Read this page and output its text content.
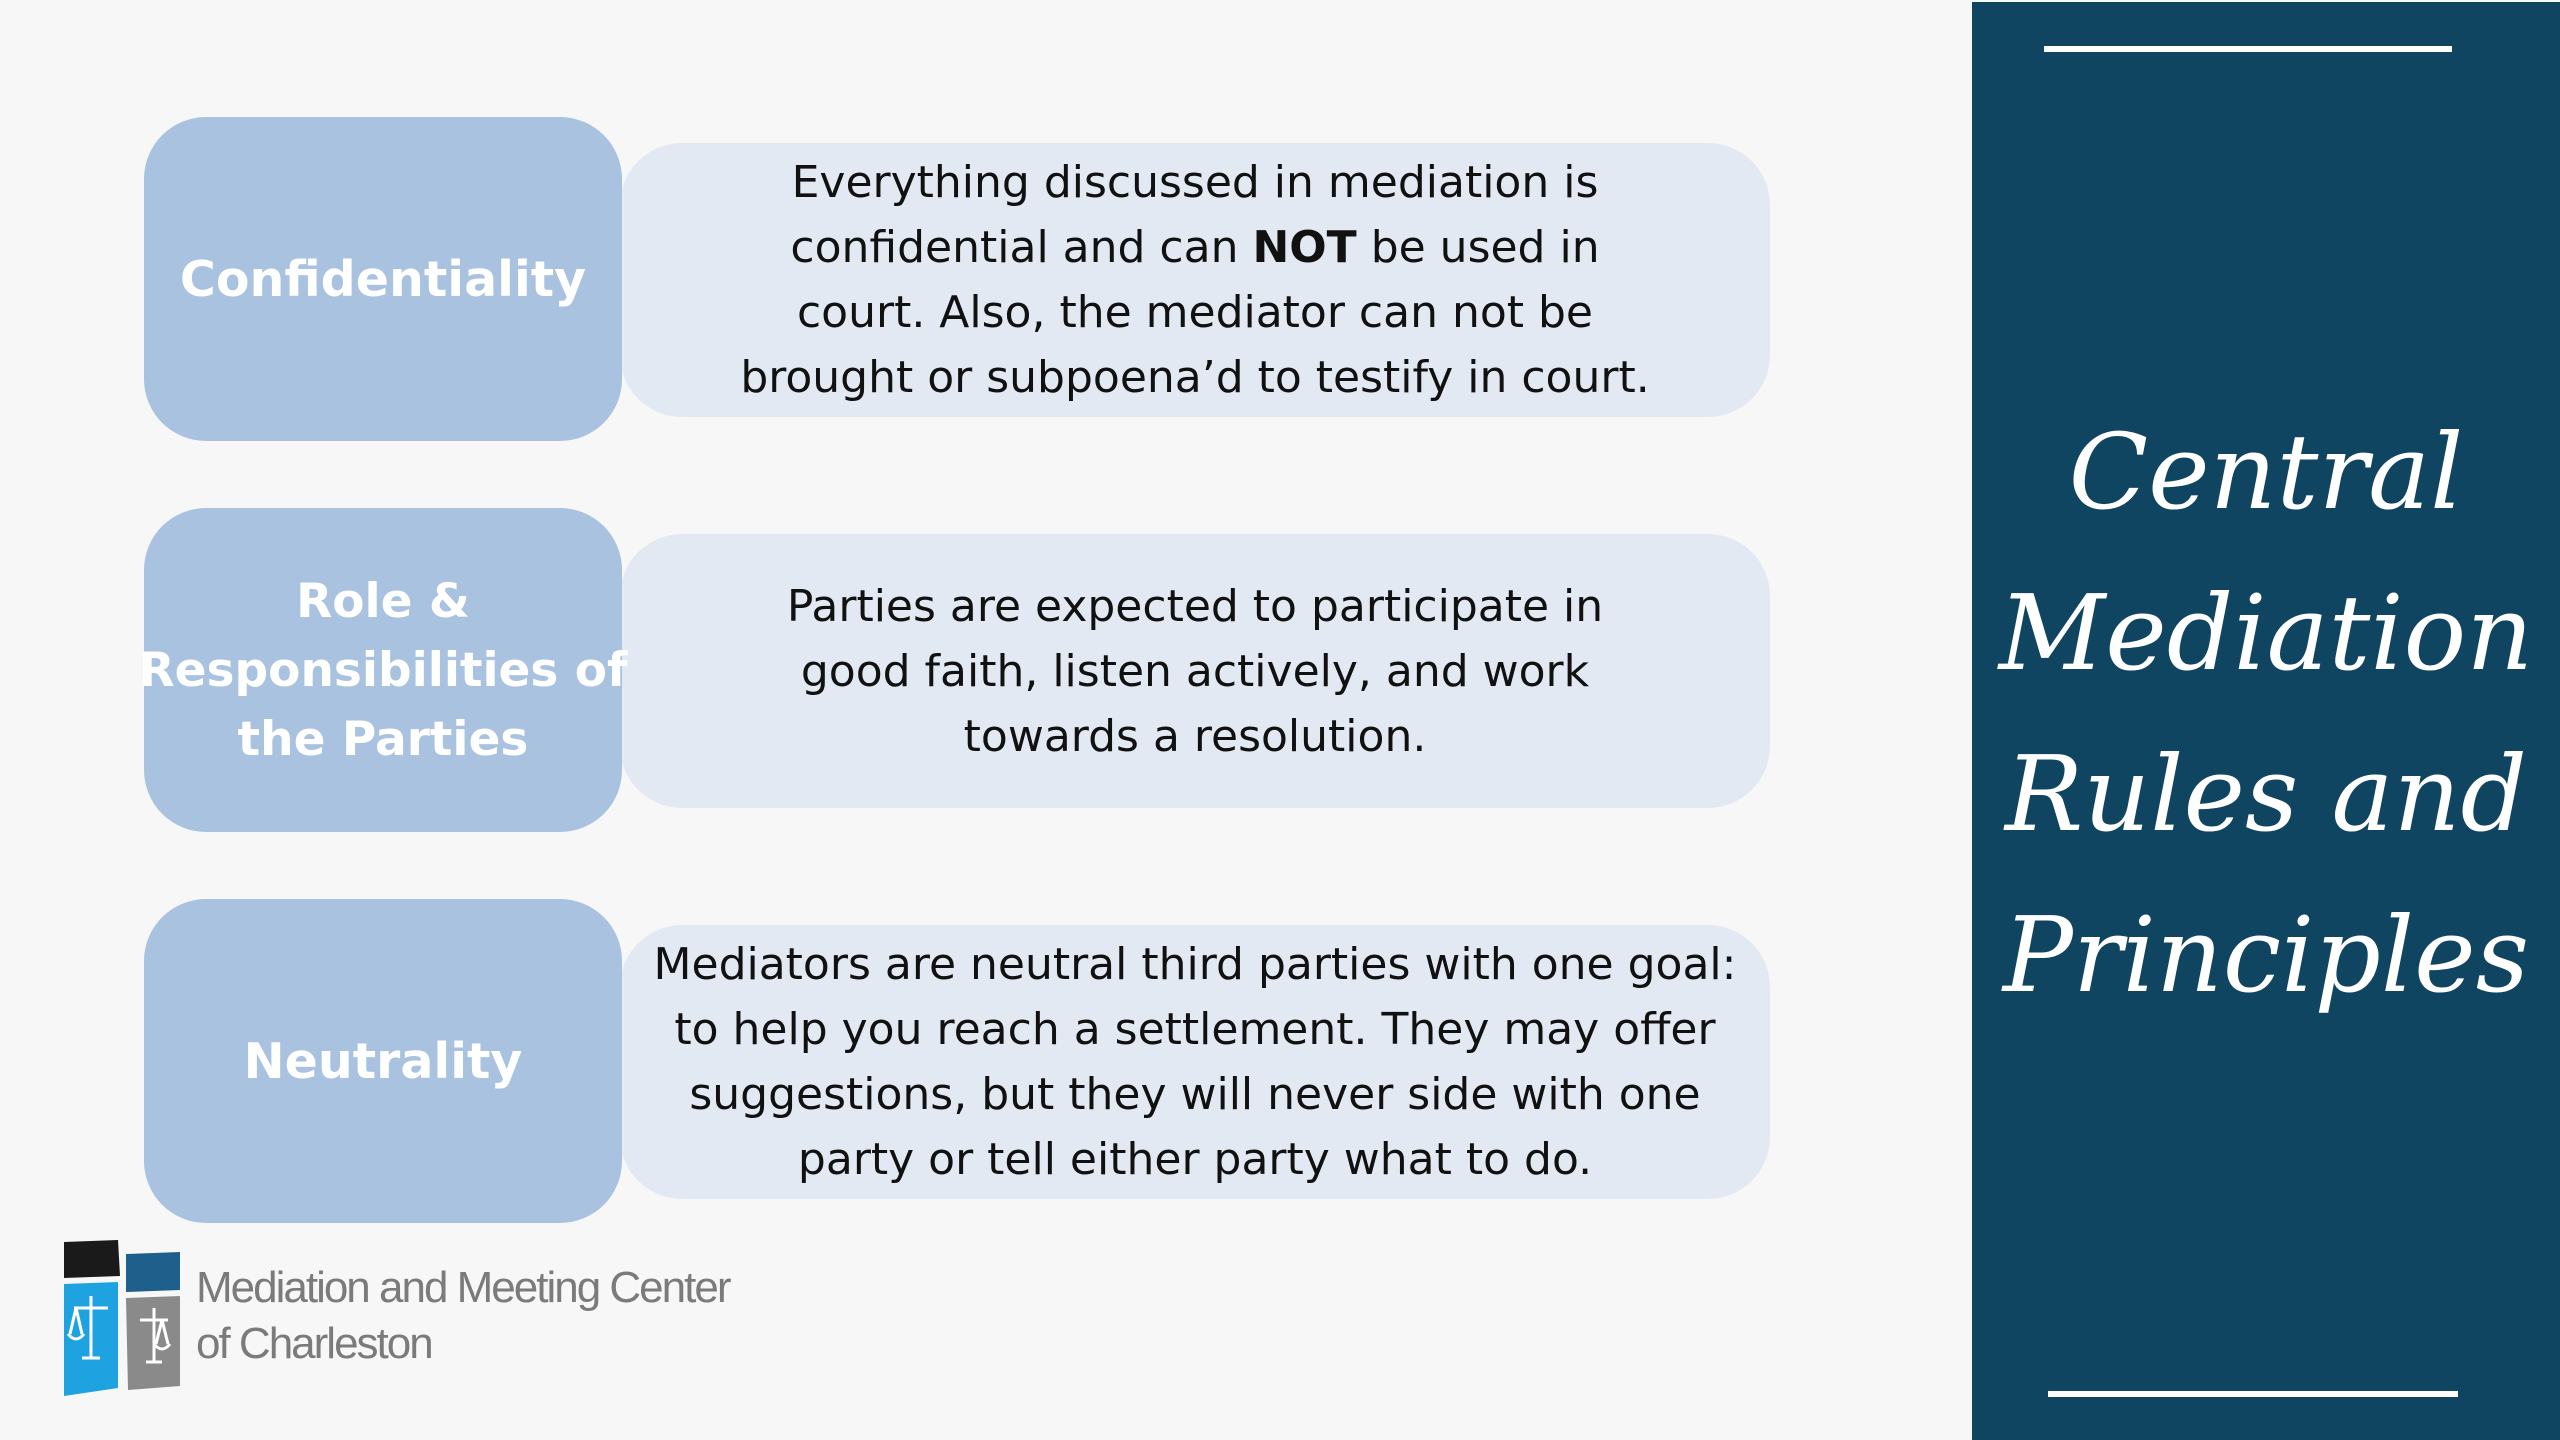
Confidentiality
Everything discussed in mediation is
confidential and can NOT be used in
court. Also, the mediator can not be
brought or subpoena’d to testify in court.
Role &
Responsibilities of
the Parties
Parties are expected to participate in
good faith, listen actively, and work
towards a resolution.
Neutrality
Mediators are neutral third parties with one goal:
to help you reach a settlement. They may offer
suggestions, but they will never side with one
party or tell either party what to do.
Mediation and Meeting Center
of Charleston
Central
Mediation
Rules and
Principles
